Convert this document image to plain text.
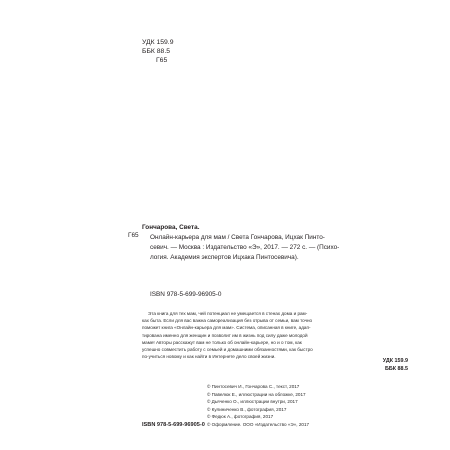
УДК 159.9
ББК 88.5
Г65
Г65
Гончарова, Света.
Онлайн-карьера для мам / Света Гончарова, Ицхак Пинто-
севич. — Москва : Издательство «Э», 2017. — 272 с. — (Психо-
логия. Академия экспертов Ицхака Пинтосевича).
ISBN 978-5-699-96905-0
Эта книга для тех мам, чей потенциал не умещается в стенах дома и рам-
ках быта. Если для вас важна самореализация без отрыва от семьи, вам точно
поможет книга «Онлайн-карьера для мам». Система, описанная в книге, адап-
тирована именно для женщин и позволит им в жизнь под силу даже молодой
маме! Авторы расскажут вам не только об онлайн-карьере, но и о том, как
успешно совместить работу с семьей и домашними обязанностями, как быстро
по-учиться новому и как найти в Интернете дело своей жизни.
УДК 159.9
ББК 88.5
© Пинтосевич И., Гончарова С., текст, 2017
© Павелюк Е., иллюстрации на обложке, 2017
© Дьяченко О., иллюстрации внутри, 2017
© Кулиниченко В., фотография, 2017
© Федюк А., фотография, 2017
© Оформление. ООО «Издательство «Э», 2017
ISBN 978-5-699-96905-0
